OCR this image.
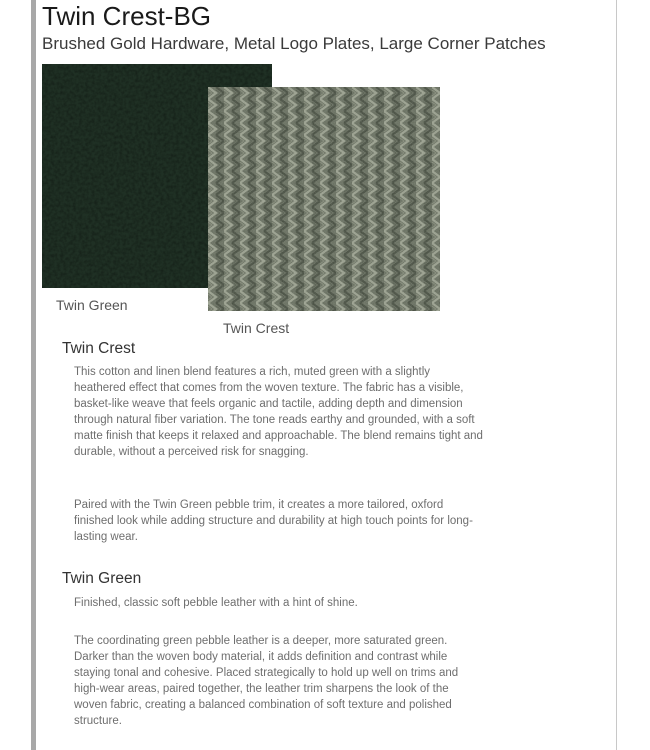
Twin Crest-BG
Brushed Gold Hardware, Metal Logo Plates, Large Corner Patches
Twin Green
Twin Crest
Twin Crest
This cotton and linen blend features a rich, muted green with a slightly heathered effect that comes from the woven texture. The fabric has a visible, basket-like weave that feels organic and tactile, adding depth and dimension through natural fiber variation. The tone reads earthy and grounded, with a soft matte finish that keeps it relaxed and approachable. The blend remains tight and durable, without a perceived risk for snagging.
Paired with the Twin Green pebble trim, it creates a more tailored, oxford finished look while adding structure and durability at high touch points for long-lasting wear.
Twin Green
Finished, classic soft pebble leather with a hint of shine.
The coordinating green pebble leather is a deeper, more saturated green. Darker than the woven body material, it adds definition and contrast while staying tonal and cohesive. Placed strategically to hold up well on trims and high-wear areas, paired together, the leather trim sharpens the look of the woven fabric, creating a balanced combination of soft texture and polished structure.
